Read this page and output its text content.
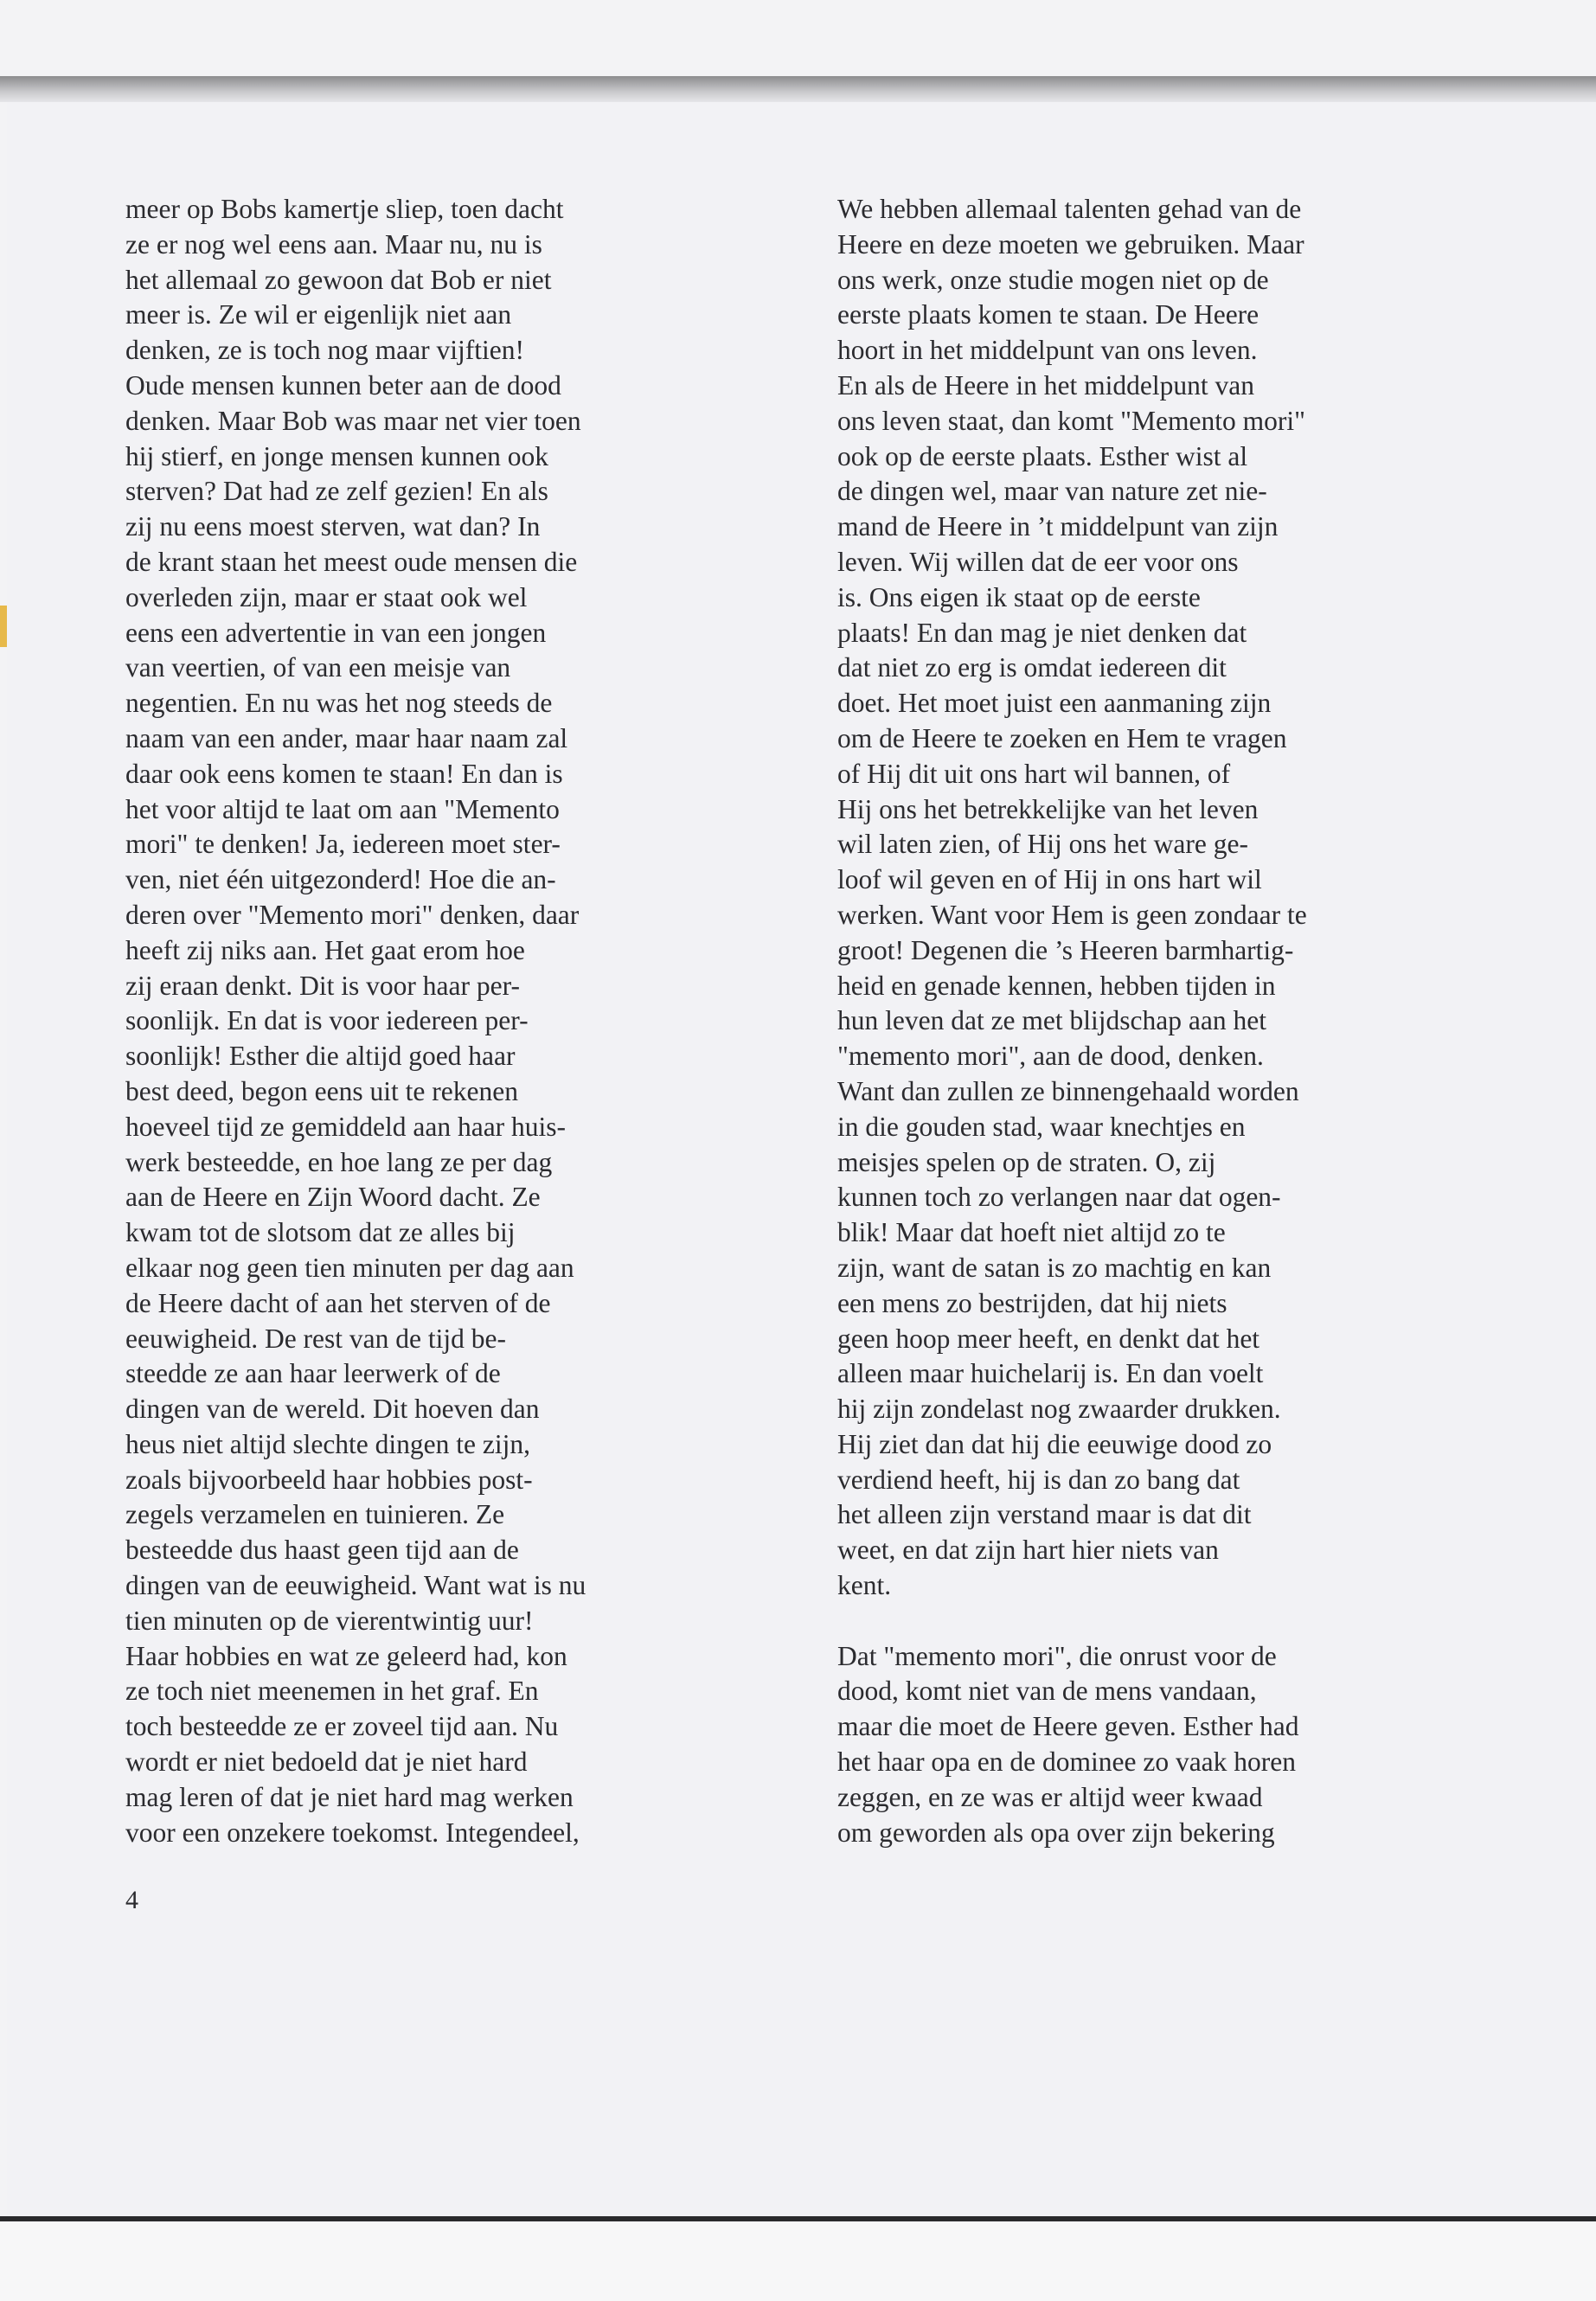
meer op Bobs kamertje sliep, toen dacht
ze er nog wel eens aan. Maar nu, nu is
het allemaal zo gewoon dat Bob er niet
meer is. Ze wil er eigenlijk niet aan
denken, ze is toch nog maar vijftien!
Oude mensen kunnen beter aan de dood
denken. Maar Bob was maar net vier toen
hij stierf, en jonge mensen kunnen ook
sterven? Dat had ze zelf gezien! En als
zij nu eens moest sterven, wat dan? In
de krant staan het meest oude mensen die
overleden zijn, maar er staat ook wel
eens een advertentie in van een jongen
van veertien, of van een meisje van
negentien. En nu was het nog steeds de
naam van een ander, maar haar naam zal
daar ook eens komen te staan! En dan is
het voor altijd te laat om aan "Memento
mori" te denken! Ja, iedereen moet ster-
ven, niet één uitgezonderd! Hoe die an-
deren over "Memento mori" denken, daar
heeft zij niks aan. Het gaat erom hoe
zij eraan denkt. Dit is voor haar per-
soonlijk. En dat is voor iedereen per-
soonlijk! Esther die altijd goed haar
best deed, begon eens uit te rekenen
hoeveel tijd ze gemiddeld aan haar huis-
werk besteedde, en hoe lang ze per dag
aan de Heere en Zijn Woord dacht. Ze
kwam tot de slotsom dat ze alles bij
elkaar nog geen tien minuten per dag aan
de Heere dacht of aan het sterven of de
eeuwigheid. De rest van de tijd be-
steedde ze aan haar leerwerk of de
dingen van de wereld. Dit hoeven dan
heus niet altijd slechte dingen te zijn,
zoals bijvoorbeeld haar hobbies post-
zegels verzamelen en tuinieren. Ze
besteedde dus haast geen tijd aan de
dingen van de eeuwigheid. Want wat is nu
tien minuten op de vierentwintig uur!
Haar hobbies en wat ze geleerd had, kon
ze toch niet meenemen in het graf. En
toch besteedde ze er zoveel tijd aan. Nu
wordt er niet bedoeld dat je niet hard
mag leren of dat je niet hard mag werken
voor een onzekere toekomst. Integendeel,
We hebben allemaal talenten gehad van de
Heere en deze moeten we gebruiken. Maar
ons werk, onze studie mogen niet op de
eerste plaats komen te staan. De Heere
hoort in het middelpunt van ons leven.
En als de Heere in het middelpunt van
ons leven staat, dan komt "Memento mori"
ook op de eerste plaats. Esther wist al
de dingen wel, maar van nature zet nie-
mand de Heere in ’t middelpunt van zijn
leven. Wij willen dat de eer voor ons
is. Ons eigen ik staat op de eerste
plaats! En dan mag je niet denken dat
dat niet zo erg is omdat iedereen dit
doet. Het moet juist een aanmaning zijn
om de Heere te zoeken en Hem te vragen
of Hij dit uit ons hart wil bannen, of
Hij ons het betrekkelijke van het leven
wil laten zien, of Hij ons het ware ge-
loof wil geven en of Hij in ons hart wil
werken. Want voor Hem is geen zondaar te
groot! Degenen die ’s Heeren barmhartig-
heid en genade kennen, hebben tijden in
hun leven dat ze met blijdschap aan het
"memento mori", aan de dood, denken.
Want dan zullen ze binnengehaald worden
in die gouden stad, waar knechtjes en
meisjes spelen op de straten. O, zij
kunnen toch zo verlangen naar dat ogen-
blik! Maar dat hoeft niet altijd zo te
zijn, want de satan is zo machtig en kan
een mens zo bestrijden, dat hij niets
geen hoop meer heeft, en denkt dat het
alleen maar huichelarij is. En dan voelt
hij zijn zondelast nog zwaarder drukken.
Hij ziet dan dat hij die eeuwige dood zo
verdiend heeft, hij is dan zo bang dat
het alleen zijn verstand maar is dat dit
weet, en dat zijn hart hier niets van
kent.
Dat "memento mori", die onrust voor de
dood, komt niet van de mens vandaan,
maar die moet de Heere geven. Esther had
het haar opa en de dominee zo vaak horen
zeggen, en ze was er altijd weer kwaad
om geworden als opa over zijn bekering
4
